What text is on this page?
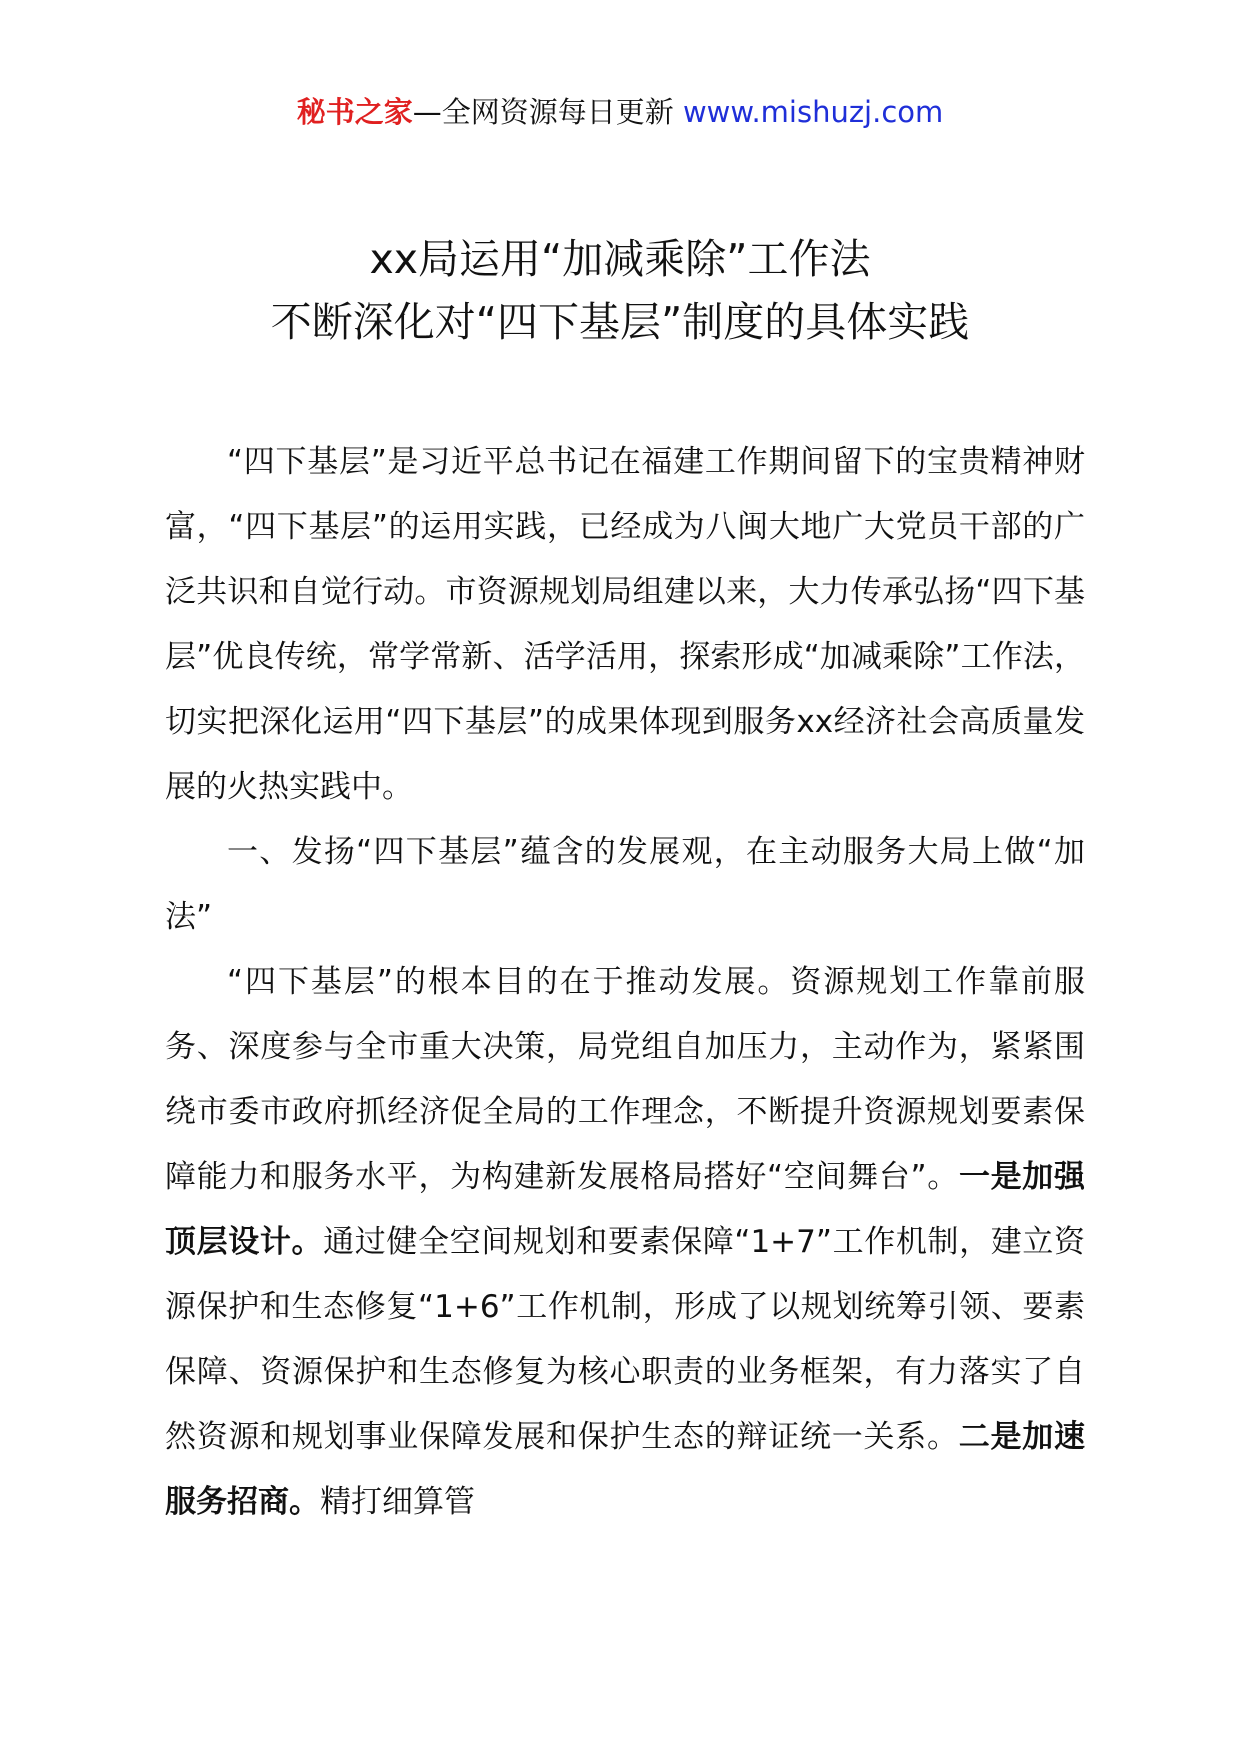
秘书之家—全网资源每日更新 www.mishuzj.com
xx局运用“加减乘除”工作法
不断深化对“四下基层”制度的具体实践

“四下基层”是习近平总书记在福建工作期间留下的宝贵精神财富，“四下基层”的运用实践，已经成为八闽大地广大党员干部的广泛共识和自觉行动。市资源规划局组建以来，大力传承弘扬“四下基层”优良传统，常学常新、活学活用，探索形成“加减乘除”工作法，切实把深化运用“四下基层”的成果体现到服务xx经济社会高质量发展的火热实践中。

一、发扬“四下基层”蕴含的发展观，在主动服务大局上做“加法”

“四下基层”的根本目的在于推动发展。资源规划工作靠前服务、深度参与全市重大决策，局党组自加压力，主动作为，紧紧围绕市委市政府抓经济促全局的工作理念，不断提升资源规划要素保障能力和服务水平，为构建新发展格局搭好“空间舞台”。一是加强顶层设计。通过健全空间规划和要素保障“1+7”工作机制，建立资源保护和生态修复“1+6”工作机制，形成了以规划统筹引领、要素保障、资源保护和生态修复为核心职责的业务框架，有力落实了自然资源和规划事业保障发展和保护生态的辩证统一关系。二是加速服务招商。精打细算管
